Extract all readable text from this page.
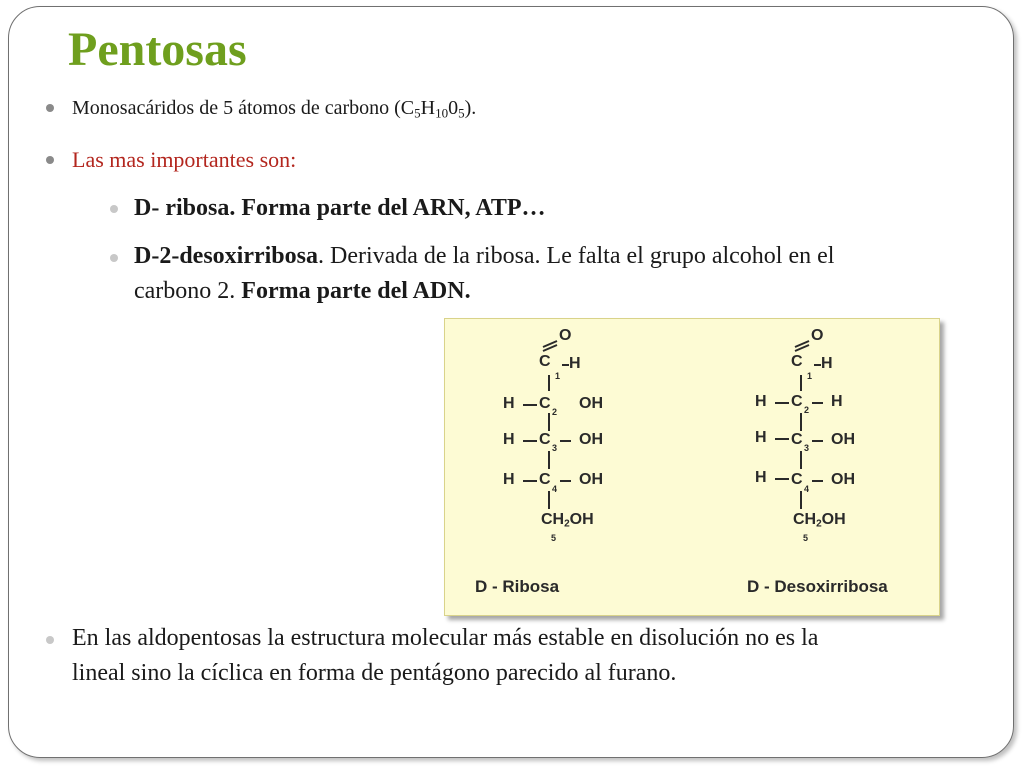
Pentosas
Monosacáridos de 5 átomos de carbono $(C_5H_{10}0_5)$.
Las mas importantes son:
D- ribosa. Forma parte del ARN, ATP…
D-2-desoxirribosa. Derivada de la ribosa. Le falta el grupo alcohol en el
carbono 2. Forma parte del ADN.
O
C H
1
H C 2 OH
H C 3 OH
H C
4
OH
$CH_2OH$
5
O
C H
1
H C 2 H
H C 3 OH
H C
4
OH
$CH_2OH$
5
D - Ribosa	D - Desoxirribosa
En las aldopentosas la estructura molecular más estable en disolución no es la
lineal sino la cíclica en forma de pentágono parecido al furano.
